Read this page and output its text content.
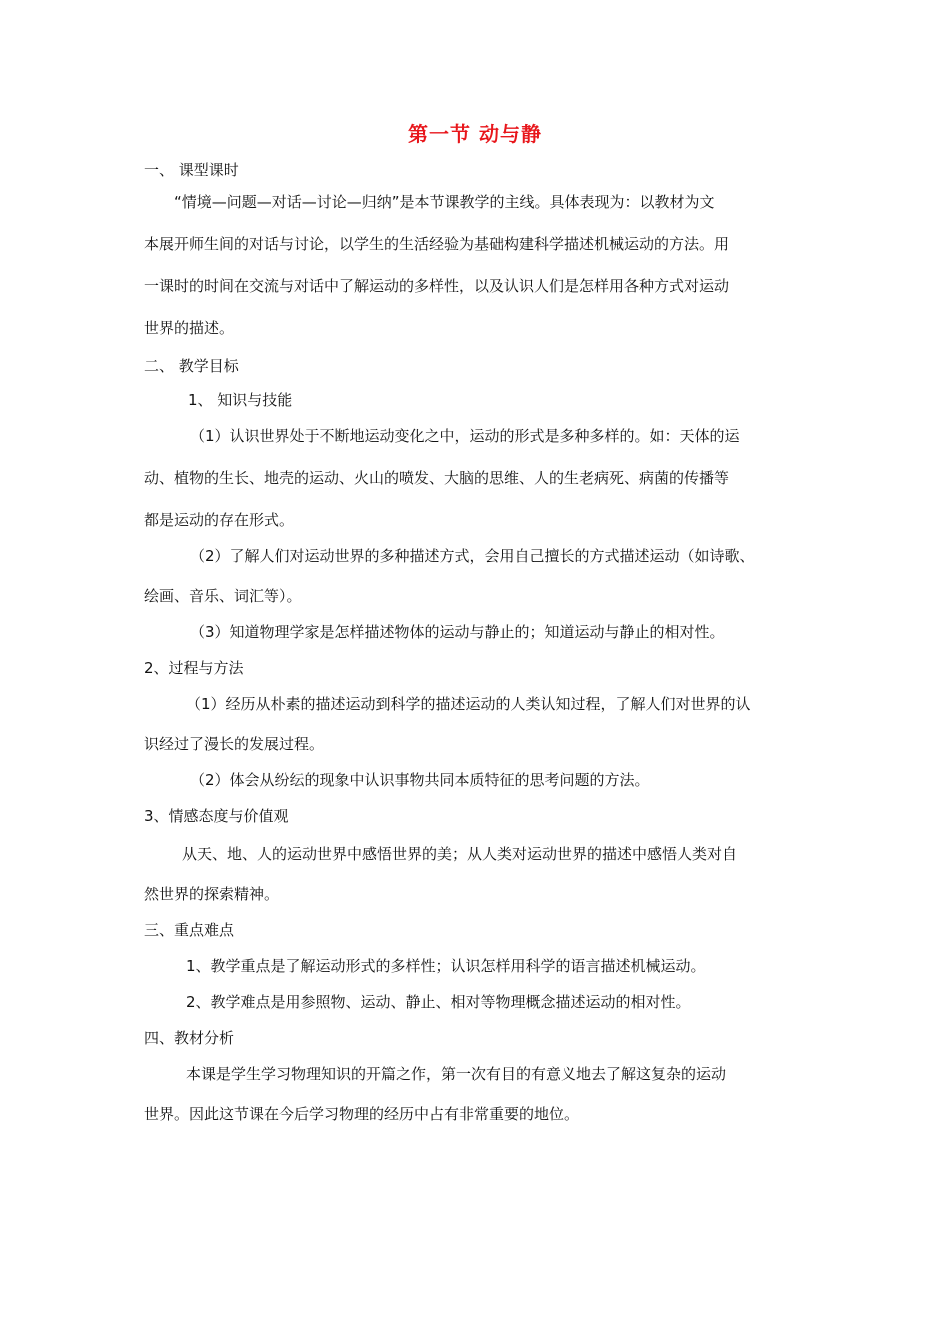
第一节 动与静
一、 课型课时
“情境—问题—对话—讨论—归纳”是本节课教学的主线。具体表现为：以教材为文
本展开师生间的对话与讨论，以学生的生活经验为基础构建科学描述机械运动的方法。用
一课时的时间在交流与对话中了解运动的多样性，以及认识人们是怎样用各种方式对运动
世界的描述。
二、 教学目标
1、 知识与技能
（1）认识世界处于不断地运动变化之中，运动的形式是多种多样的。如：天体的运
动、植物的生长、地壳的运动、火山的喷发、大脑的思维、人的生老病死、病菌的传播等
都是运动的存在形式。
（2）了解人们对运动世界的多种描述方式，会用自己擅长的方式描述运动（如诗歌、
绘画、音乐、词汇等）。
（3）知道物理学家是怎样描述物体的运动与静止的；知道运动与静止的相对性。
2、过程与方法
（1）经历从朴素的描述运动到科学的描述运动的人类认知过程，了解人们对世界的认
识经过了漫长的发展过程。
（2）体会从纷纭的现象中认识事物共同本质特征的思考问题的方法。
3、情感态度与价值观
从天、地、人的运动世界中感悟世界的美；从人类对运动世界的描述中感悟人类对自
然世界的探索精神。
三、重点难点
1、教学重点是了解运动形式的多样性；认识怎样用科学的语言描述机械运动。
2、教学难点是用参照物、运动、静止、相对等物理概念描述运动的相对性。
四、教材分析
本课是学生学习物理知识的开篇之作，第一次有目的有意义地去了解这复杂的运动
世界。因此这节课在今后学习物理的经历中占有非常重要的地位。
